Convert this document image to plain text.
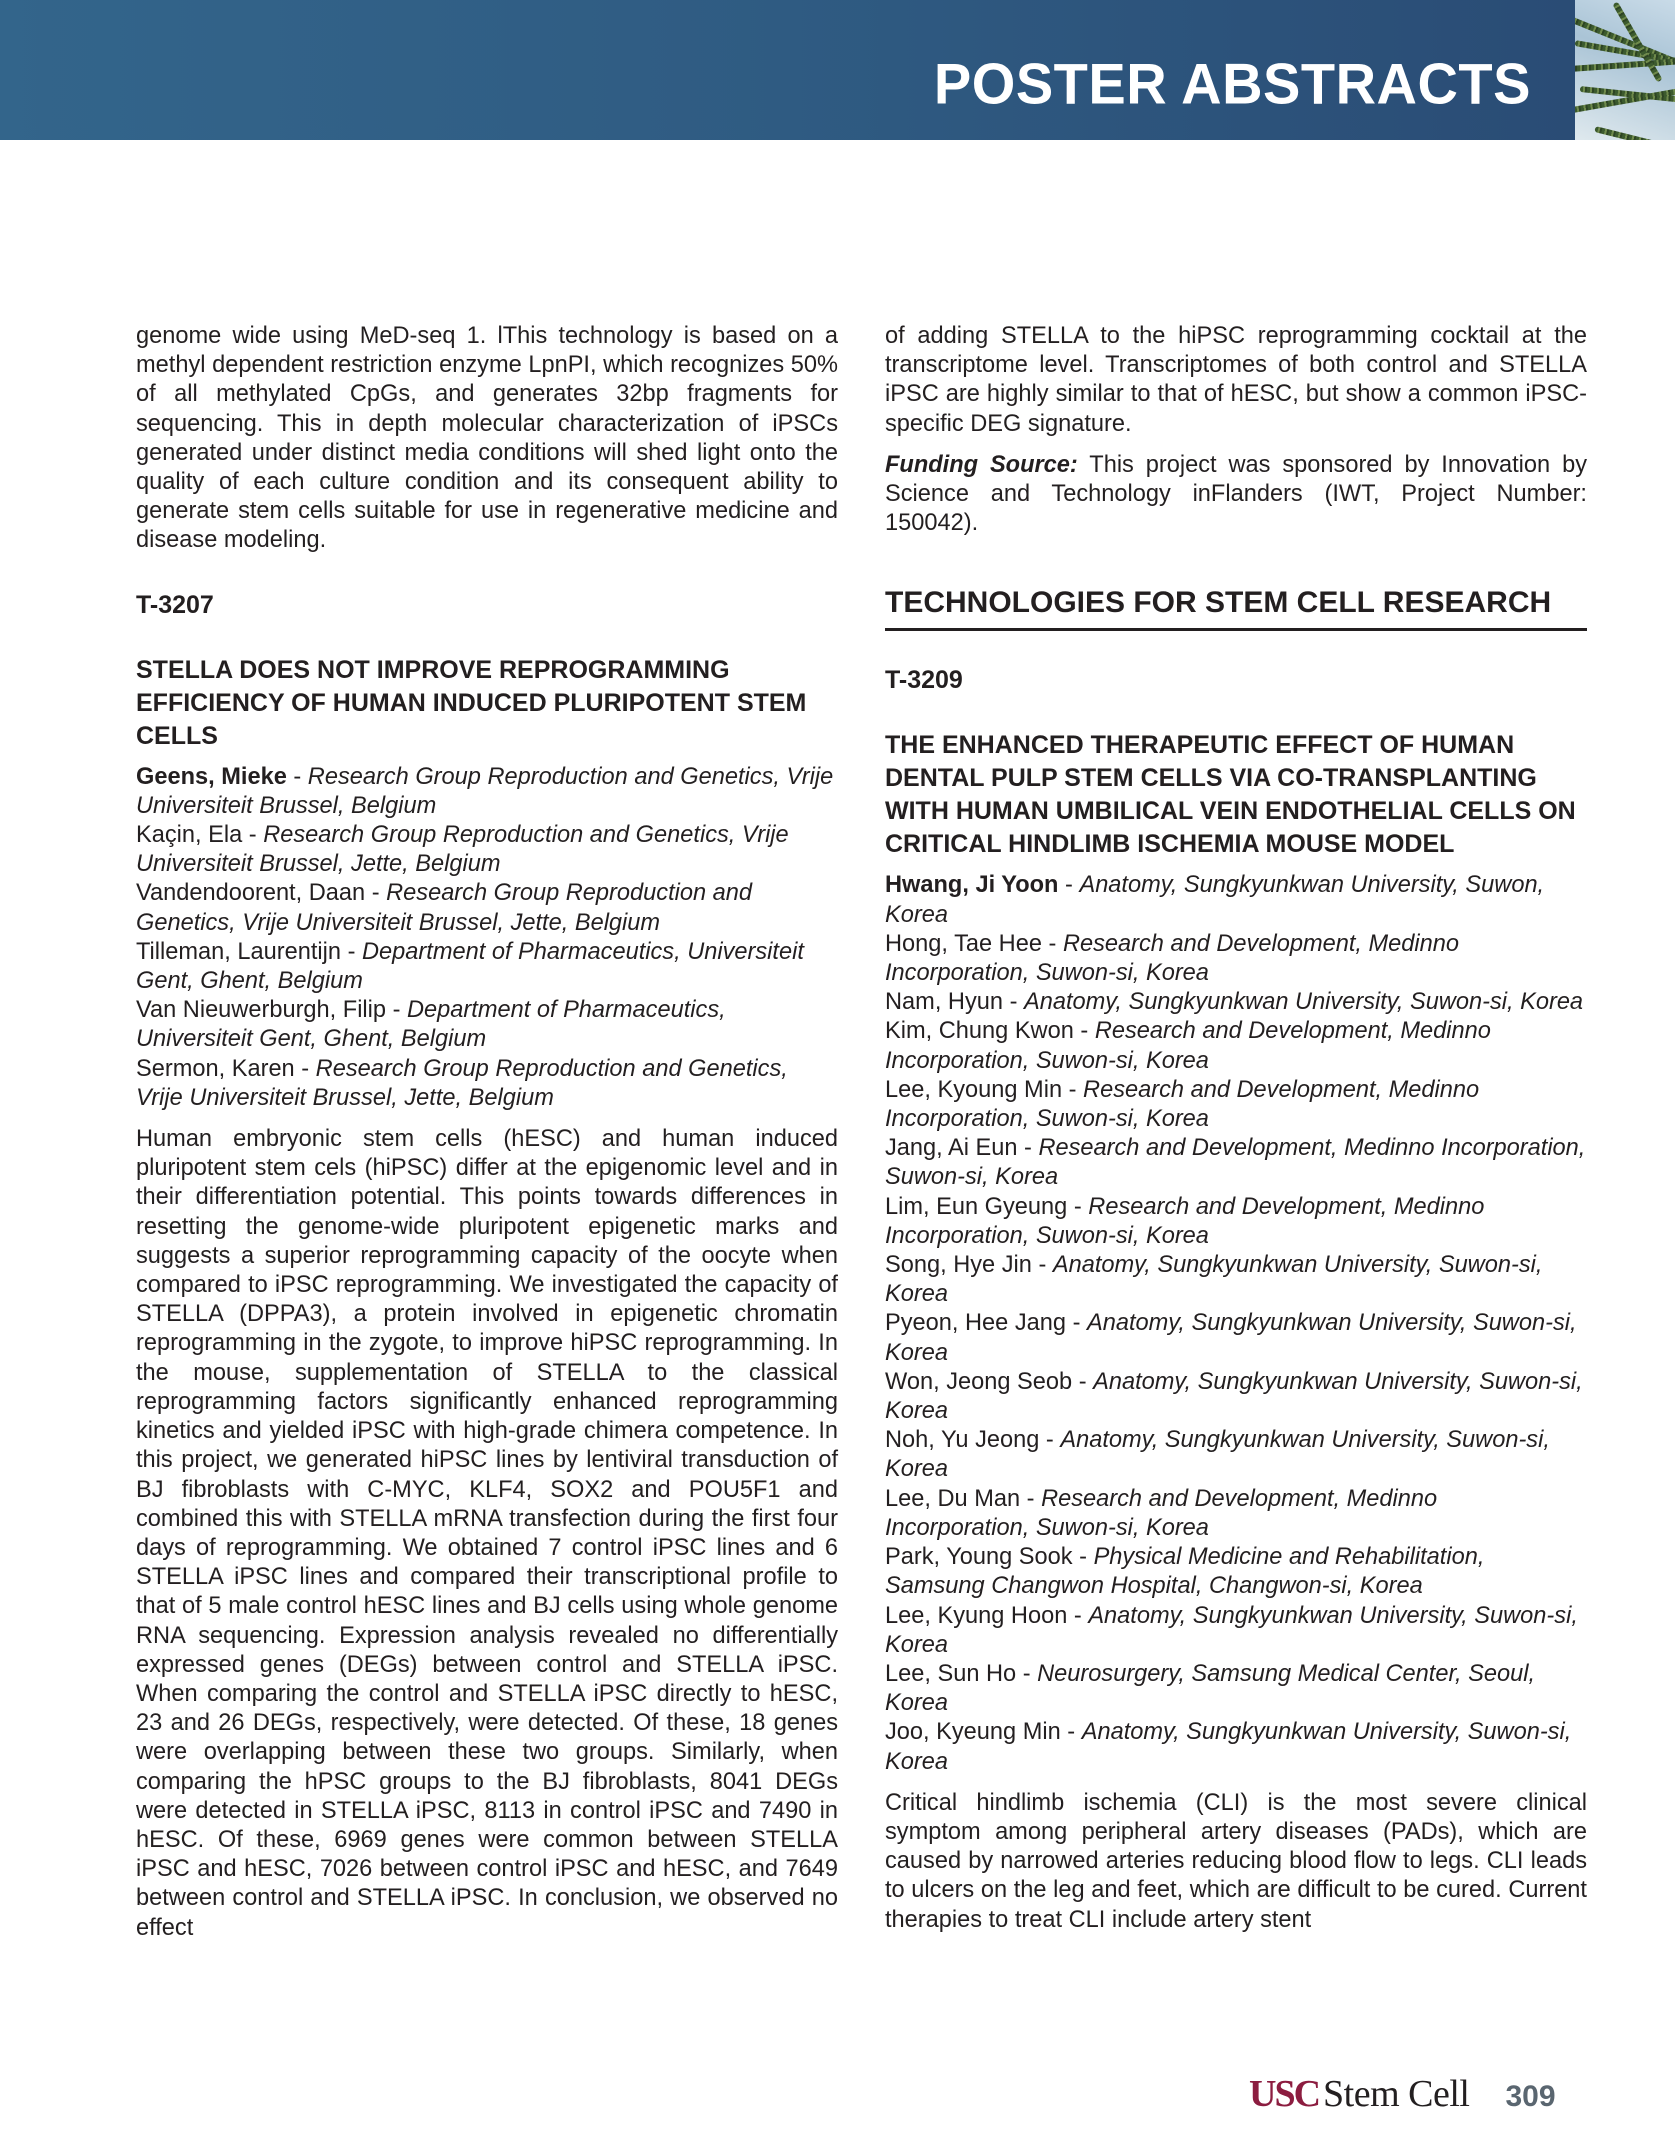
POSTER ABSTRACTS

genome wide using MeD-seq 1. lThis technology is based on a methyl dependent restriction enzyme LpnPI, which recognizes 50% of all methylated CpGs, and generates 32bp fragments for sequencing. This in depth molecular characterization of iPSCs generated under distinct media conditions will shed light onto the quality of each culture condition and its consequent ability to generate stem cells suitable for use in regenerative medicine and disease modeling.

T-3207
STELLA DOES NOT IMPROVE REPROGRAMMING EFFICIENCY OF HUMAN INDUCED PLURIPOTENT STEM CELLS
Geens, Mieke - Research Group Reproduction and Genetics, Vrije Universiteit Brussel, Belgium
Kaçin, Ela - Research Group Reproduction and Genetics, Vrije Universiteit Brussel, Jette, Belgium
Vandendoorent, Daan - Research Group Reproduction and Genetics, Vrije Universiteit Brussel, Jette, Belgium
Tilleman, Laurentijn - Department of Pharmaceutics, Universiteit Gent, Ghent, Belgium
Van Nieuwerburgh, Filip - Department of Pharmaceutics, Universiteit Gent, Ghent, Belgium
Sermon, Karen - Research Group Reproduction and Genetics, Vrije Universiteit Brussel, Jette, Belgium

Human embryonic stem cells (hESC) and human induced pluripotent stem cels (hiPSC) differ at the epigenomic level and in their differentiation potential. This points towards differences in resetting the genome-wide pluripotent epigenetic marks and suggests a superior reprogramming capacity of the oocyte when compared to iPSC reprogramming. We investigated the capacity of STELLA (DPPA3), a protein involved in epigenetic chromatin reprogramming in the zygote, to improve hiPSC reprogramming. In the mouse, supplementation of STELLA to the classical reprogramming factors significantly enhanced reprogramming kinetics and yielded iPSC with high-grade chimera competence. In this project, we generated hiPSC lines by lentiviral transduction of BJ fibroblasts with C-MYC, KLF4, SOX2 and POU5F1 and combined this with STELLA mRNA transfection during the first four days of reprogramming. We obtained 7 control iPSC lines and 6 STELLA iPSC lines and compared their transcriptional profile to that of 5 male control hESC lines and BJ cells using whole genome RNA sequencing. Expression analysis revealed no differentially expressed genes (DEGs) between control and STELLA iPSC. When comparing the control and STELLA iPSC directly to hESC, 23 and 26 DEGs, respectively, were detected. Of these, 18 genes were overlapping between these two groups. Similarly, when comparing the hPSC groups to the BJ fibroblasts, 8041 DEGs were detected in STELLA iPSC, 8113 in control iPSC and 7490 in hESC. Of these, 6969 genes were common between STELLA iPSC and hESC, 7026 between control iPSC and hESC, and 7649 between control and STELLA iPSC. In conclusion, we observed no effect

of adding STELLA to the hiPSC reprogramming cocktail at the transcriptome level. Transcriptomes of both control and STELLA iPSC are highly similar to that of hESC, but show a common iPSC-specific DEG signature.

Funding Source: This project was sponsored by Innovation by Science and Technology inFlanders (IWT, Project Number: 150042).

TECHNOLOGIES FOR STEM CELL RESEARCH
T-3209
THE ENHANCED THERAPEUTIC EFFECT OF HUMAN DENTAL PULP STEM CELLS VIA CO-TRANSPLANTING WITH HUMAN UMBILICAL VEIN ENDOTHELIAL CELLS ON CRITICAL HINDLIMB ISCHEMIA MOUSE MODEL
Hwang, Ji Yoon - Anatomy, Sungkyunkwan University, Suwon, Korea
Hong, Tae Hee - Research and Development, Medinno Incorporation, Suwon-si, Korea
Nam, Hyun - Anatomy, Sungkyunkwan University, Suwon-si, Korea
Kim, Chung Kwon - Research and Development, Medinno Incorporation, Suwon-si, Korea
Lee, Kyoung Min - Research and Development, Medinno Incorporation, Suwon-si, Korea
Jang, Ai Eun - Research and Development, Medinno Incorporation, Suwon-si, Korea
Lim, Eun Gyeung - Research and Development, Medinno Incorporation, Suwon-si, Korea
Song, Hye Jin - Anatomy, Sungkyunkwan University, Suwon-si, Korea
Pyeon, Hee Jang - Anatomy, Sungkyunkwan University, Suwon-si, Korea
Won, Jeong Seob - Anatomy, Sungkyunkwan University, Suwon-si, Korea
Noh, Yu Jeong - Anatomy, Sungkyunkwan University, Suwon-si, Korea
Lee, Du Man - Research and Development, Medinno Incorporation, Suwon-si, Korea
Park, Young Sook - Physical Medicine and Rehabilitation, Samsung Changwon Hospital, Changwon-si, Korea
Lee, Kyung Hoon - Anatomy, Sungkyunkwan University, Suwon-si, Korea
Lee, Sun Ho - Neurosurgery, Samsung Medical Center, Seoul, Korea
Joo, Kyeung Min - Anatomy, Sungkyunkwan University, Suwon-si, Korea

Critical hindlimb ischemia (CLI) is the most severe clinical symptom among peripheral artery diseases (PADs), which are caused by narrowed arteries reducing blood flow to legs. CLI leads to ulcers on the leg and feet, which are difficult to be cured. Current therapies to treat CLI include artery stent

USC Stem Cell 309
